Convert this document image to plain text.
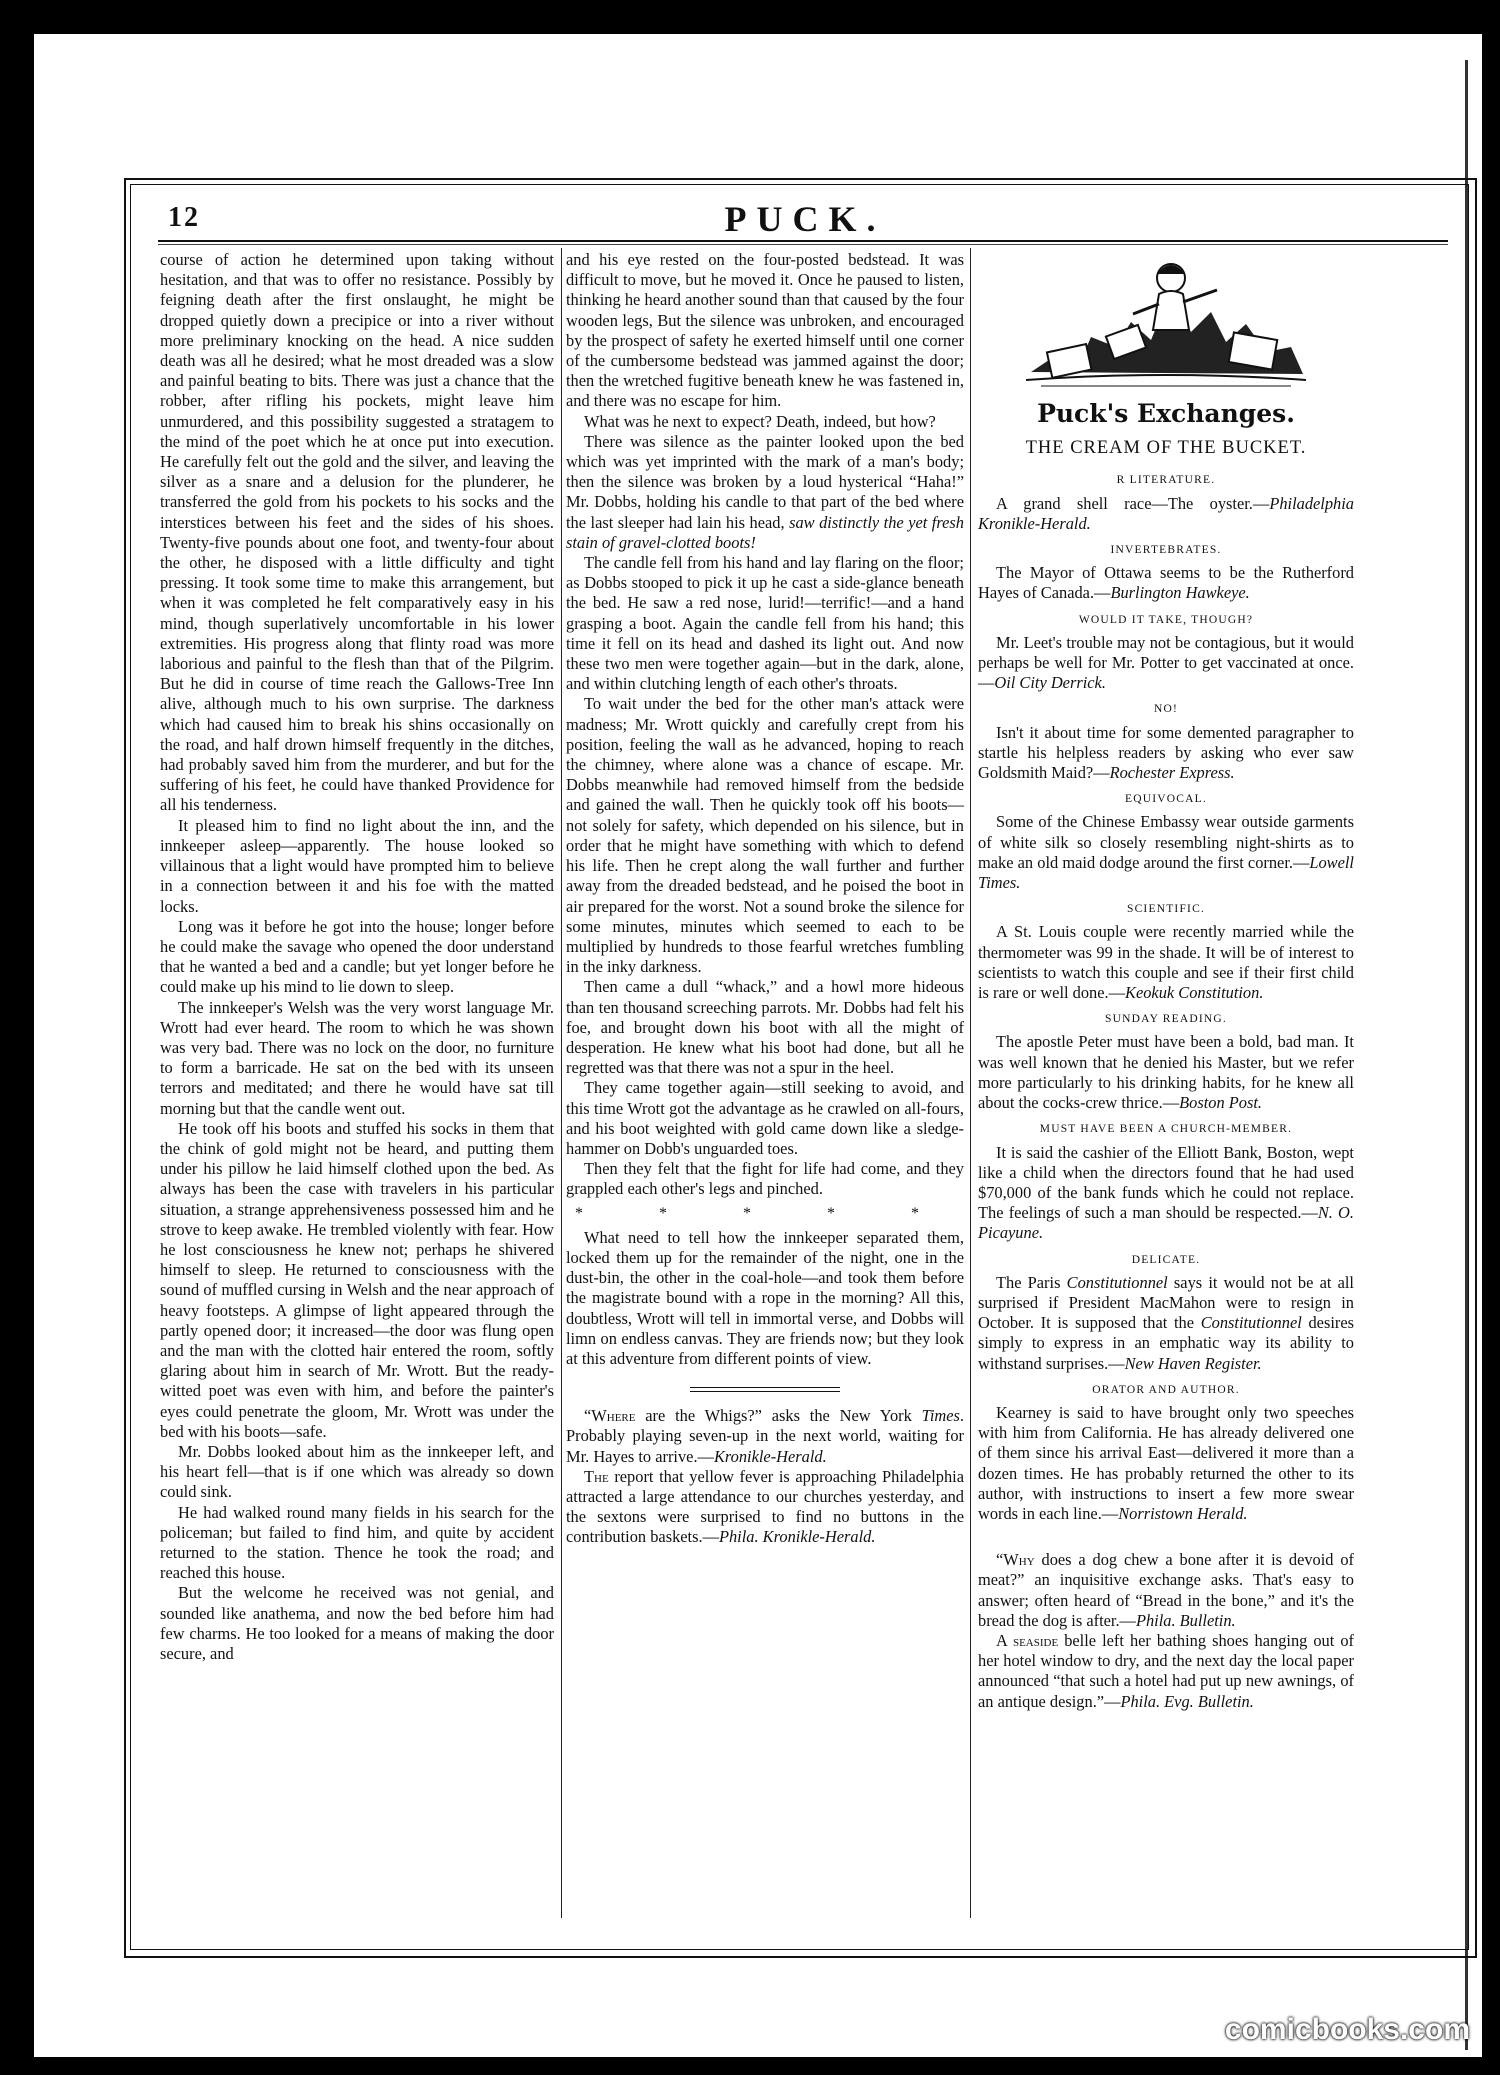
12	PUCK.

course of action he determined upon taking without hesitation, and that was to offer no resistance. Possibly by feigning death after the first onslaught, he might be dropped quietly down a precipice or into a river without more preliminary knocking on the head. A nice sudden death was all he desired; what he most dreaded was a slow and painful beating to bits. There was just a chance that the robber, after rifling his pockets, might leave him unmurdered, and this possibility suggested a stratagem to the mind of the poet which he at once put into execution. He carefully felt out the gold and the silver, and leaving the silver as a snare and a delusion for the plunderer, he transferred the gold from his pockets to his socks and the interstices between his feet and the sides of his shoes. Twenty-five pounds about one foot, and twenty-four about the other, he disposed with a little difficulty and tight pressing. It took some time to make this arrangement, but when it was completed he felt comparatively easy in his mind, though superlatively uncomfortable in his lower extremities. His progress along that flinty road was more laborious and painful to the flesh than that of the Pilgrim. But he did in course of time reach the Gallows-Tree Inn alive, although much to his own surprise. The darkness which had caused him to break his shins occasionally on the road, and half drown himself frequently in the ditches, had probably saved him from the murderer, and but for the suffering of his feet, he could have thanked Providence for all his tenderness.

It pleased him to find no light about the inn, and the innkeeper asleep—apparently. The house looked so villainous that a light would have prompted him to believe in a connection between it and his foe with the matted locks.

Long was it before he got into the house; longer before he could make the savage who opened the door understand that he wanted a bed and a candle; but yet longer before he could make up his mind to lie down to sleep.

The innkeeper's Welsh was the very worst language Mr. Wrott had ever heard. The room to which he was shown was very bad. There was no lock on the door, no furniture to form a barricade. He sat on the bed with its unseen terrors and meditated; and there he would have sat till morning but that the candle went out.

He took off his boots and stuffed his socks in them that the chink of gold might not be heard, and putting them under his pillow he laid himself clothed upon the bed. As always has been the case with travelers in his particular situation, a strange apprehensiveness possessed him and he strove to keep awake. He trembled violently with fear. How he lost consciousness he knew not; perhaps he shivered himself to sleep. He returned to consciousness with the sound of muffled cursing in Welsh and the near approach of heavy footsteps. A glimpse of light appeared through the partly opened door; it increased—the door was flung open and the man with the clotted hair entered the room, softly glaring about him in search of Mr. Wrott. But the ready-witted poet was even with him, and before the painter's eyes could penetrate the gloom, Mr. Wrott was under the bed with his boots—safe.

Mr. Dobbs looked about him as the innkeeper left, and his heart fell—that is if one which was already so down could sink.

He had walked round many fields in his search for the policeman; but failed to find him, and quite by accident returned to the station. Thence he took the road; and reached this house.

But the welcome he received was not genial, and sounded like anathema, and now the bed before him had few charms. He too looked for a means of making the door secure, and

and his eye rested on the four-posted bedstead. It was difficult to move, but he moved it. Once he paused to listen, thinking he heard another sound than that caused by the four wooden legs, But the silence was unbroken, and encouraged by the prospect of safety he exerted himself until one corner of the cumbersome bedstead was jammed against the door; then the wretched fugitive beneath knew he was fastened in, and there was no escape for him.

What was he next to expect? Death, indeed, but how?

There was silence as the painter looked upon the bed which was yet imprinted with the mark of a man's body; then the silence was broken by a loud hysterical “Haha!” Mr. Dobbs, holding his candle to that part of the bed where the last sleeper had lain his head, saw distinctly the yet fresh stain of gravel-clotted boots!

The candle fell from his hand and lay flaring on the floor; as Dobbs stooped to pick it up he cast a side-glance beneath the bed. He saw a red nose, lurid!—terrific!—and a hand grasping a boot. Again the candle fell from his hand; this time it fell on its head and dashed its light out. And now these two men were together again—but in the dark, alone, and within clutching length of each other's throats.

To wait under the bed for the other man's attack were madness; Mr. Wrott quickly and carefully crept from his position, feeling the wall as he advanced, hoping to reach the chimney, where alone was a chance of escape. Mr. Dobbs meanwhile had removed himself from the bedside and gained the wall. Then he quickly took off his boots—not solely for safety, which depended on his silence, but in order that he might have something with which to defend his life. Then he crept along the wall further and further away from the dreaded bedstead, and he poised the boot in air prepared for the worst. Not a sound broke the silence for some minutes, minutes which seemed to each to be multiplied by hundreds to those fearful wretches fumbling in the inky darkness.

Then came a dull “whack,” and a howl more hideous than ten thousand screeching parrots. Mr. Dobbs had felt his foe, and brought down his boot with all the might of desperation. He knew what his boot had done, but all he regretted was that there was not a spur in the heel.

They came together again—still seeking to avoid, and this time Wrott got the advantage as he crawled on all-fours, and his boot weighted with gold came down like a sledge-hammer on Dobb's unguarded toes.

Then they felt that the fight for life had come, and they grappled each other's legs and pinched.

* * * * *

What need to tell how the innkeeper separated them, locked them up for the remainder of the night, one in the dust-bin, the other in the coal-hole—and took them before the magistrate bound with a rope in the morning? All this, doubtless, Wrott will tell in immortal verse, and Dobbs will limn on endless canvas. They are friends now; but they look at this adventure from different points of view.

“Where are the Whigs?” asks the New York Times. Probably playing seven-up in the next world, waiting for Mr. Hayes to arrive.—Kronikle-Herald.

The report that yellow fever is approaching Philadelphia attracted a large attendance to our churches yesterday, and the sextons were surprised to find no buttons in the contribution baskets.—Phila. Kronikle-Herald.

Puck's Exchanges.
THE CREAM OF THE BUCKET.
R LITERATURE.

A grand shell race—The oyster.—Philadelphia Kronikle-Herald.

INVERTEBRATES.

The Mayor of Ottawa seems to be the Rutherford Hayes of Canada.—Burlington Hawkeye.

WOULD IT TAKE, THOUGH?

Mr. Leet's trouble may not be contagious, but it would perhaps be well for Mr. Potter to get vaccinated at once.—Oil City Derrick.

NO!

Isn't it about time for some demented paragrapher to startle his helpless readers by asking who ever saw Goldsmith Maid?—Rochester Express.

EQUIVOCAL.

Some of the Chinese Embassy wear outside garments of white silk so closely resembling night-shirts as to make an old maid dodge around the first corner.—Lowell Times.

SCIENTIFIC.

A St. Louis couple were recently married while the thermometer was 99 in the shade. It will be of interest to scientists to watch this couple and see if their first child is rare or well done.—Keokuk Constitution.

SUNDAY READING.

The apostle Peter must have been a bold, bad man. It was well known that he denied his Master, but we refer more particularly to his drinking habits, for he knew all about the cocks-crew thrice.—Boston Post.

MUST HAVE BEEN A CHURCH-MEMBER.

It is said the cashier of the Elliott Bank, Boston, wept like a child when the directors found that he had used $70,000 of the bank funds which he could not replace. The feelings of such a man should be respected.—N. O. Picayune.

DELICATE.

The Paris Constitutionnel says it would not be at all surprised if President MacMahon were to resign in October. It is supposed that the Constitutionnel desires simply to express in an emphatic way its ability to withstand surprises.—New Haven Register.

ORATOR AND AUTHOR.

Kearney is said to have brought only two speeches with him from California. He has already delivered one of them since his arrival East—delivered it more than a dozen times. He has probably returned the other to its author, with instructions to insert a few more swear words in each line.—Norristown Herald.

“Why does a dog chew a bone after it is devoid of meat?” an inquisitive exchange asks. That's easy to answer; often heard of “Bread in the bone,” and it's the bread the dog is after.—Phila. Bulletin.

A seaside belle left her bathing shoes hanging out of her hotel window to dry, and the next day the local paper announced “that such a hotel had put up new awnings, of an antique design.”—Phila. Evg. Bulletin.

comicbooks.com
